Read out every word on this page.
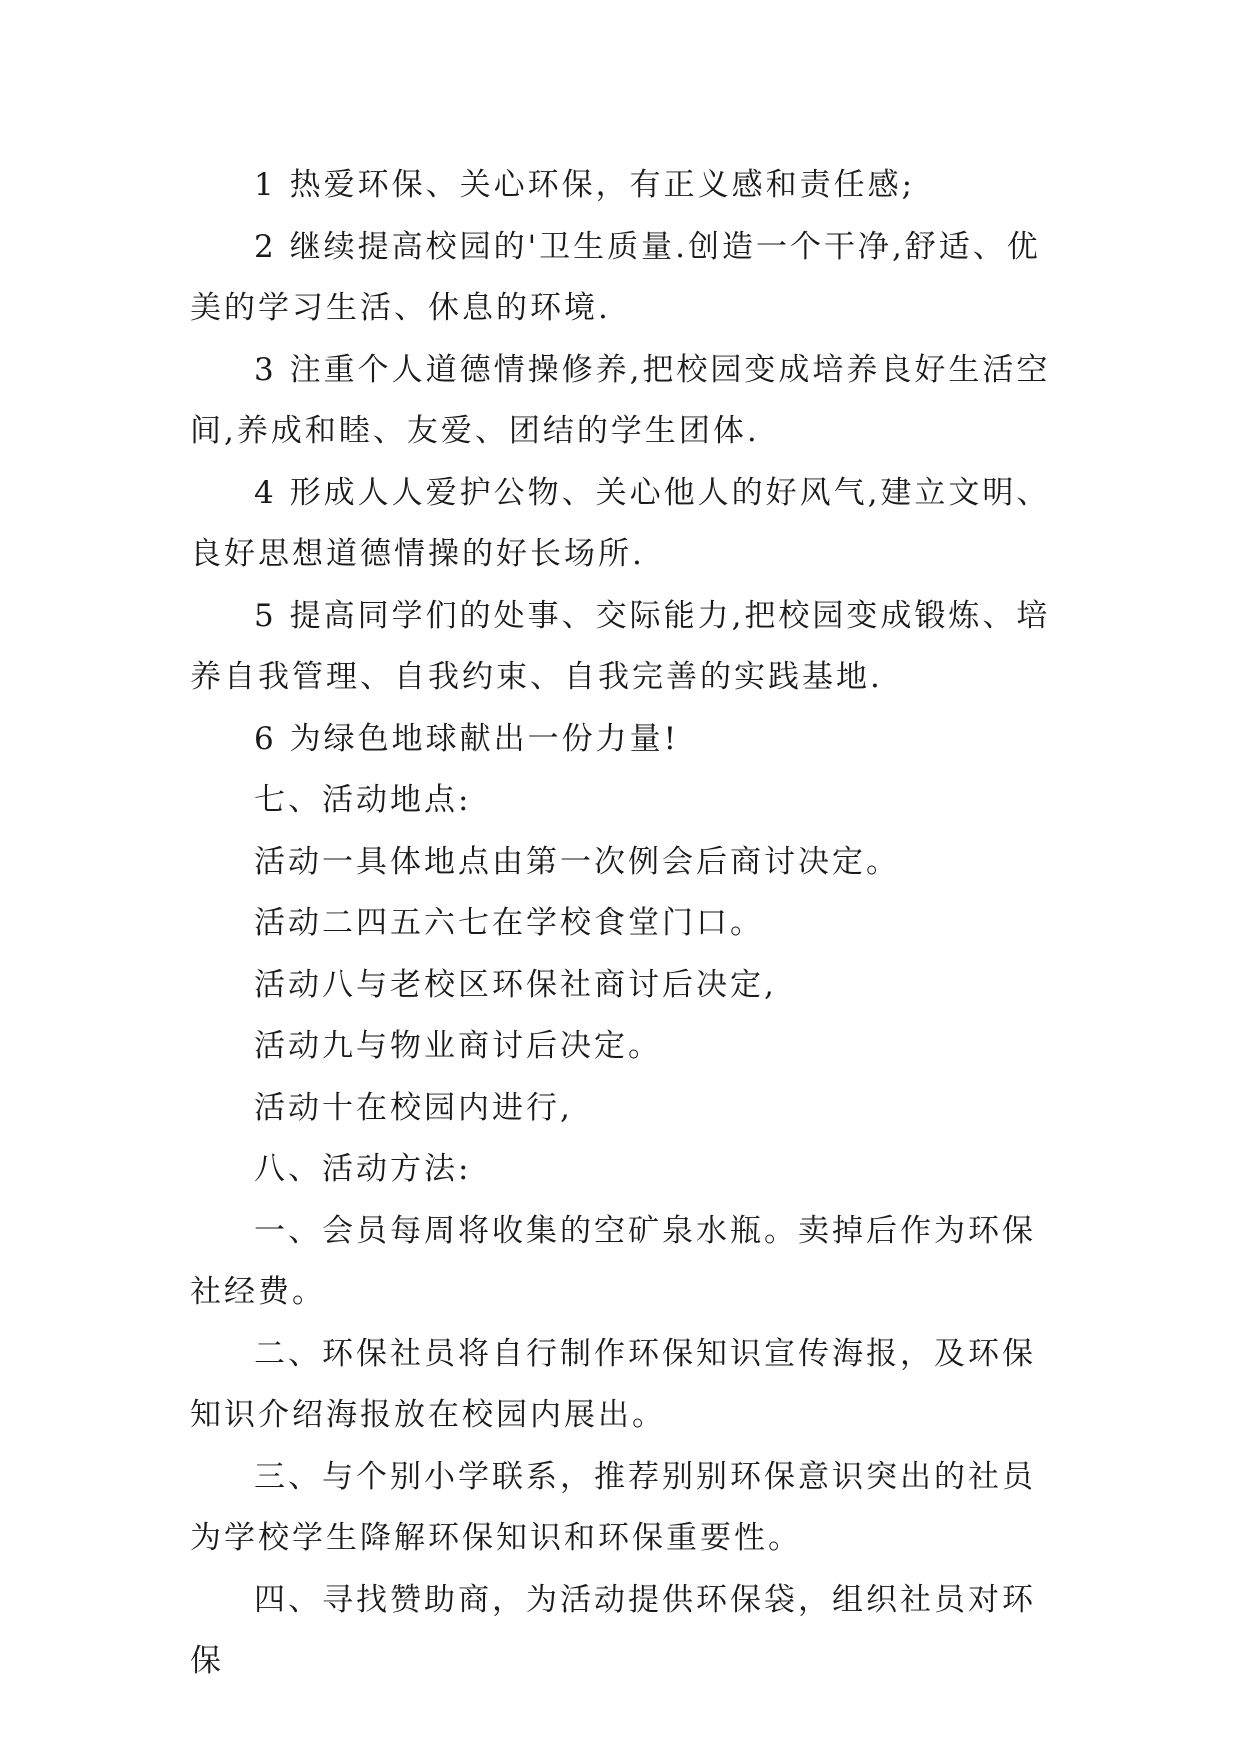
1 热爱环保、关心环保，有正义感和责任感;

2 继续提高校园的'卫生质量.创造一个干净,舒适、优美的学习生活、休息的环境.

3 注重个人道德情操修养,把校园变成培养良好生活空间,养成和睦、友爱、团结的学生团体.

4 形成人人爱护公物、关心他人的好风气,建立文明、良好思想道德情操的好长场所.

5 提高同学们的处事、交际能力,把校园变成锻炼、培养自我管理、自我约束、自我完善的实践基地.

6 为绿色地球献出一份力量!

七、活动地点:

活动一具体地点由第一次例会后商讨决定。

活动二四五六七在学校食堂门口。

活动八与老校区环保社商讨后决定,

活动九与物业商讨后决定。

活动十在校园内进行,

八、活动方法:

一、会员每周将收集的空矿泉水瓶。卖掉后作为环保社经费。

二、环保社员将自行制作环保知识宣传海报，及环保知识介绍海报放在校园内展出。

三、与个别小学联系，推荐别别环保意识突出的社员为学校学生降解环保知识和环保重要性。

四、寻找赞助商，为活动提供环保袋，组织社员对环保
